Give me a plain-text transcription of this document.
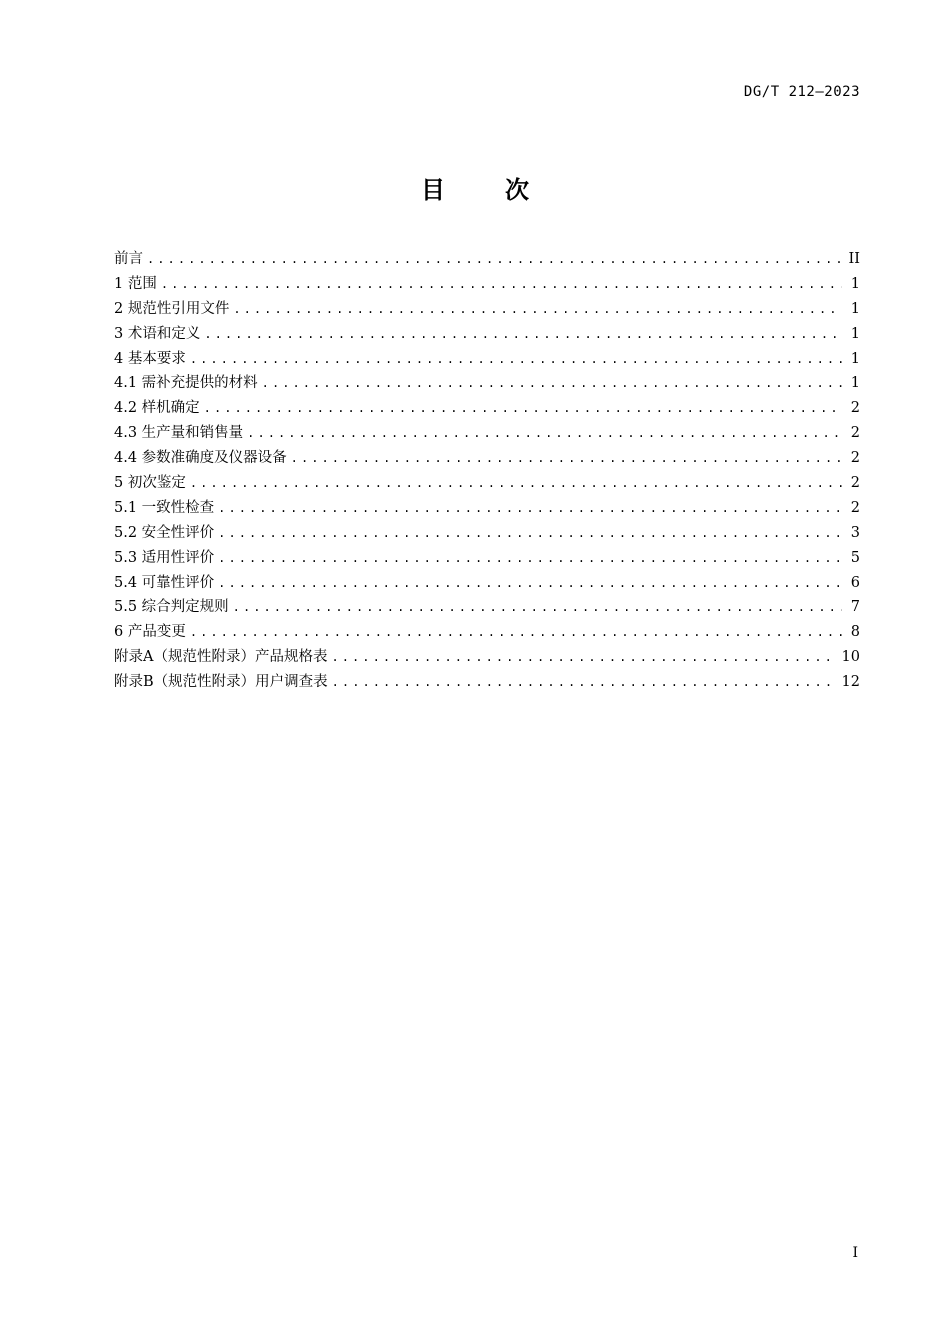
DG/T 212—2023
目	次
前言 .....	II
1 范围 .....	1
2 规范性引用文件 .....	1
3 术语和定义 .....	1
4 基本要求 .....	1
4.1 需补充提供的材料 .....	1
4.2 样机确定 .....	2
4.3 生产量和销售量 .....	2
4.4 参数准确度及仪器设备 .....	2
5 初次鉴定 .....	2
5.1 一致性检查 .....	2
5.2 安全性评价 .....	3
5.3 适用性评价 .....	5
5.4 可靠性评价 .....	6
5.5 综合判定规则 .....	7
6 产品变更 .....	8
附录A（规范性附录）产品规格表 .....	10
附录B（规范性附录）用户调查表 .....	12
I
